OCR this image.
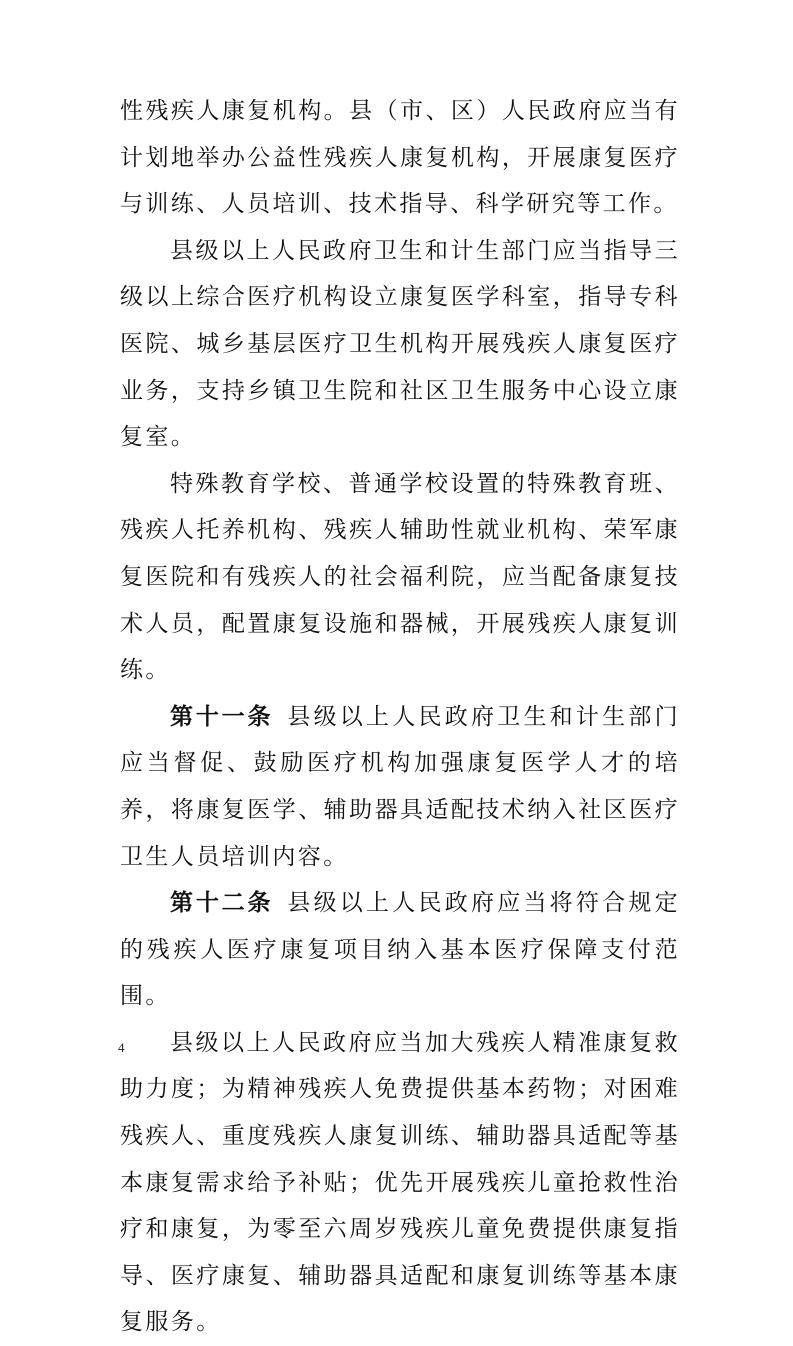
性残疾人康复机构。县（市、区）人民政府应当有计划地举办公益性残疾人康复机构，开展康复医疗与训练、人员培训、技术指导、科学研究等工作。

县级以上人民政府卫生和计生部门应当指导三级以上综合医疗机构设立康复医学科室，指导专科医院、城乡基层医疗卫生机构开展残疾人康复医疗业务，支持乡镇卫生院和社区卫生服务中心设立康复室。

特殊教育学校、普通学校设置的特殊教育班、残疾人托养机构、残疾人辅助性就业机构、荣军康复医院和有残疾人的社会福利院，应当配备康复技术人员，配置康复设施和器械，开展残疾人康复训练。

第十一条 县级以上人民政府卫生和计生部门应当督促、鼓励医疗机构加强康复医学人才的培养，将康复医学、辅助器具适配技术纳入社区医疗卫生人员培训内容。

第十二条 县级以上人民政府应当将符合规定的残疾人医疗康复项目纳入基本医疗保障支付范围。

县级以上人民政府应当加大残疾人精准康复救助力度；为精神残疾人免费提供基本药物；对困难残疾人、重度残疾人康复训练、辅助器具适配等基本康复需求给予补贴；优先开展残疾儿童抢救性治疗和康复，为零至六周岁残疾儿童免费提供康复指导、医疗康复、辅助器具适配和康复训练等基本康复服务。

4
